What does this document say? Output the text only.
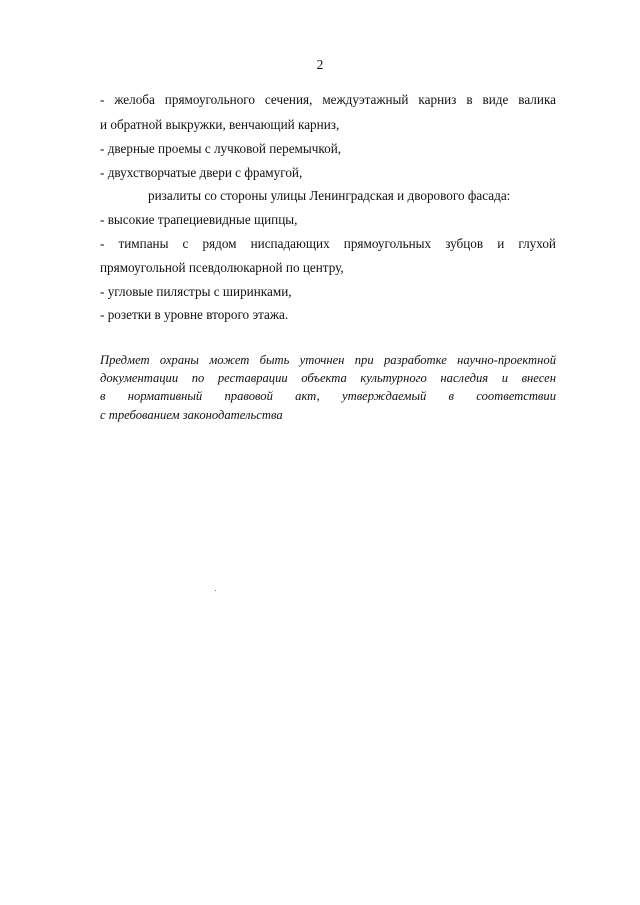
2
- желоба прямоугольного сечения, междуэтажный карниз в виде валика
и обратной выкружки, венчающий карниз,
- дверные проемы с лучковой перемычкой,
- двухстворчатые двери с фрамугой,
ризалиты со стороны улицы Ленинградская и дворового фасада:
- высокие трапециевидные щипцы,
- тимпаны с рядом ниспадающих прямоугольных зубцов и глухой
прямоугольной псевдолюкарной по центру,
- угловые пилястры с ширинками,
- розетки в уровне второго этажа.
Предмет охраны может быть уточнен при разработке научно-проектной
документации по реставрации объекта культурного наследия и внесен
в нормативный правовой акт, утверждаемый в соответствии
с требованием законодательства
